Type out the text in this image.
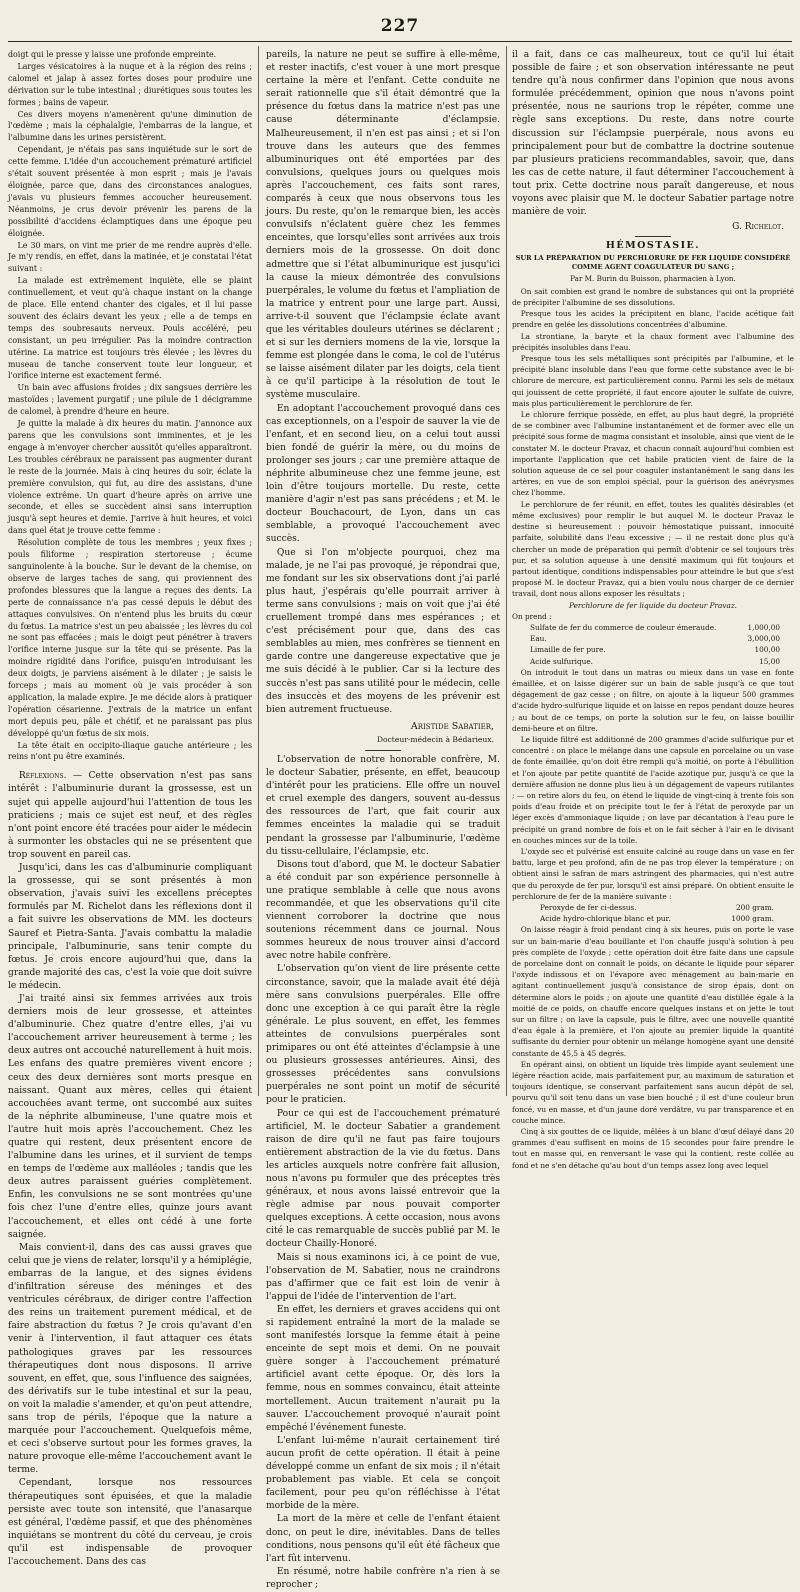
227

doigt qui le presse y laisse une profonde empreinte.

Larges vésicatoires à la nuque et à la région des reins ; calomel et jalap à assez fortes doses pour produire une dérivation sur le tube intestinal ; diurétiques sous toutes les formes ; bains de vapeur.

Ces divers moyens n'amenèrent qu'une diminution de l'œdème ; mais la céphalalgie, l'embarras de la langue, et l'albumine dans les urines persistèrent.

Cependant, je n'étais pas sans inquiétude sur le sort de cette femme. L'idée d'un accouchement prématuré artificiel s'était souvent présentée à mon esprit ; mais je l'avais éloignée, parce que, dans des circonstances analogues, j'avais vu plusieurs femmes accoucher heureusement. Néanmoins, je crus devoir prévenir les parens de la possibilité d'accidens éclamptiques dans une époque peu éloignée.

Le 30 mars, on vint me prier de me rendre auprès d'elle. Je m'y rendis, en effet, dans la matinée, et je constatai l'état suivant :

La malade est extrêmement inquiète, elle se plaint continuellement, et veut qu'à chaque instant on la change de place. Elle entend chanter des cigales, et il lui passe souvent des éclairs devant les yeux ; elle a de temps en temps des soubresauts nerveux. Pouls accéléré, peu consistant, un peu irrégulier. Pas la moindre contraction utérine. La matrice est toujours très élevée ; les lèvres du museau de tanche conservent toute leur longueur, et l'orifice interne est exactement fermé.

Un bain avec affusions froides ; dix sangsues derrière les mastoïdes ; lavement purgatif ; une pilule de 1 décigramme de calomel, à prendre d'heure en heure.

Je quitte la malade à dix heures du matin. J'annonce aux parens que les convulsions sont imminentes, et je les engage à m'envoyer chercher aussitôt qu'elles apparaîtront. Les troubles cérébraux ne paraissent pas augmenter durant le reste de la journée. Mais à cinq heures du soir, éclate la première convulsion, qui fut, au dire des assistans, d'une violence extrême. Un quart d'heure après on arrive une seconde, et elles se succèdent ainsi sans interruption jusqu'à sept heures et demie. J'arrive à huit heures, et voici dans quel état je trouve cette femme :

Résolution complète de tous les membres ; yeux fixes ; pouls filiforme ; respiration stertoreuse ; écume sanguinolente à la bouche. Sur le devant de la chemise, on observe de larges taches de sang, qui proviennent des profondes blessures que la langue a reçues des dents. La perte de connaissance n'a pas cessé depuis le début des attaques convulsives. On n'entend plus les bruits du cœur du fœtus. La matrice s'est un peu abaissée ; les lèvres du col ne sont pas effacées ; mais le doigt peut pénétrer à travers l'orifice interne jusque sur la tête qui se présente. Pas la moindre rigidité dans l'orifice, puisqu'en introduisant les deux doigts, je parviens aisément à le dilater ; je saisis le forceps ; mais au moment où je vais procéder à son application, la malade expire. Je me décide alors à pratiquer l'opération césarienne. J'extrais de la matrice un enfant mort depuis peu, pâle et chétif, et ne paraissant pas plus développé qu'un fœtus de six mois.

La tête était en occipito-iliaque gauche antérieure ; les reins n'ont pu être examinés.

Réflexions. — Cette observation n'est pas sans intérêt : l'albuminurie durant la grossesse, est un sujet qui appelle aujourd'hui l'attention de tous les praticiens ; mais ce sujet est neuf, et des règles n'ont point encore été tracées pour aider le médecin à surmonter les obstacles qui ne se présentent que trop souvent en pareil cas.

Jusqu'ici, dans les cas d'albuminurie compliquant la grossesse, qui se sont présentés à mon observation, j'avais suivi les excellens préceptes formulés par M. Richelot dans les réflexions dont il a fait suivre les observations de MM. les docteurs Sauref et Pietra-Santa. J'avais combattu la maladie principale, l'albuminurie, sans tenir compte du fœtus. Je crois encore aujourd'hui que, dans la grande majorité des cas, c'est la voie que doit suivre le médecin.

J'ai traité ainsi six femmes arrivées aux trois derniers mois de leur grossesse, et atteintes d'albuminurie. Chez quatre d'entre elles, j'ai vu l'accouchement arriver heureusement à terme ; les deux autres ont accouché naturellement à huit mois. Les enfans des quatre premières vivent encore ; ceux des deux dernières sont morts presque en naissant. Quant aux mères, celles qui étaient accouchées avant terme, ont succombé aux suites de la néphrite albumineuse, l'une quatre mois et l'autre huit mois après l'accouchement. Chez les quatre qui restent, deux présentent encore de l'albumine dans les urines, et il survient de temps en temps de l'œdème aux malléoles ; tandis que les deux autres paraissent guéries complètement. Enfin, les convulsions ne se sont montrées qu'une fois chez l'une d'entre elles, quinze jours avant l'accouchement, et elles ont cédé à une forte saignée.

Mais convient-il, dans des cas aussi graves que celui que je viens de relater, lorsqu'il y a hémiplégie, embarras de la langue, et des signes évidens d'infiltration séreuse des méninges et des ventricules cérébraux, de diriger contre l'affection des reins un traitement purement médical, et de faire abstraction du fœtus ? Je crois qu'avant d'en venir à l'intervention, il faut attaquer ces états pathologiques graves par les ressources thérapeutiques dont nous disposons. Il arrive souvent, en effet, que, sous l'influence des saignées, des dérivatifs sur le tube intestinal et sur la peau, on voit la maladie s'amender, et qu'on peut attendre, sans trop de périls, l'époque que la nature a marquée pour l'accouchement. Quelquefois même, et ceci s'observe surtout pour les formes graves, la nature provoque elle-même l'accouchement avant le terme.

Cependant, lorsque nos ressources thérapeutiques sont épuisées, et que la maladie persiste avec toute son intensité, que l'anasarque est général, l'œdème passif, et que des phénomènes inquiétans se montrent du côté du cerveau, je crois qu'il est indispensable de provoquer l'accouchement. Dans des cas

pareils, la nature ne peut se suffire à elle-même, et rester inactifs, c'est vouer à une mort presque certaine la mère et l'enfant. Cette conduite ne serait rationnelle que s'il était démontré que la présence du fœtus dans la matrice n'est pas une cause déterminante d'éclampsie. Malheureusement, il n'en est pas ainsi ; et si l'on trouve dans les auteurs que des femmes albuminuriques ont été emportées par des convulsions, quelques jours ou quelques mois après l'accouchement, ces faits sont rares, comparés à ceux que nous observons tous les jours. Du reste, qu'on le remarque bien, les accès convulsifs n'éclatent guère chez les femmes enceintes, que lorsqu'elles sont arrivées aux trois derniers mois de la grossesse. On doit donc admettre que si l'état albuminurique est jusqu'ici la cause la mieux démontrée des convulsions puerpérales, le volume du fœtus et l'ampliation de la matrice y entrent pour une large part. Aussi, arrive-t-il souvent que l'éclampsie éclate avant que les véritables douleurs utérines se déclarent ; et si sur les derniers momens de la vie, lorsque la femme est plongée dans le coma, le col de l'utérus se laisse aisément dilater par les doigts, cela tient à ce qu'il participe à la résolution de tout le système musculaire.

En adoptant l'accouchement provoqué dans ces cas exceptionnels, on a l'espoir de sauver la vie de l'enfant, et en second lieu, on a celui tout aussi bien fondé de guérir la mère, ou du moins de prolonger ses jours ; car une première attaque de néphrite albumineuse chez une femme jeune, est loin d'être toujours mortelle. Du reste, cette manière d'agir n'est pas sans précédens ; et M. le docteur Bouchacourt, de Lyon, dans un cas semblable, a provoqué l'accouchement avec succès.

Que si l'on m'objecte pourquoi, chez ma malade, je ne l'ai pas provoqué, je répondrai que, me fondant sur les six observations dont j'ai parlé plus haut, j'espérais qu'elle pourrait arriver à terme sans convulsions ; mais on voit que j'ai été cruellement trompé dans mes espérances ; et c'est précisément pour que, dans des cas semblables au mien, mes confrères se tiennent en garde contre une dangereuse expectative que je me suis décidé à le publier. Car si la lecture des succès n'est pas sans utilité pour le médecin, celle des insuccès et des moyens de les prévenir est bien autrement fructueuse.

Aristide Sabatier,
Docteur-médecin à Bédarieux.

L'observation de notre honorable confrère, M. le docteur Sabatier, présente, en effet, beaucoup d'intérêt pour les praticiens. Elle offre un nouvel et cruel exemple des dangers, souvent au-dessus des ressources de l'art, que fait courir aux femmes enceintes la maladie qui se traduit pendant la grossesse par l'albuminurie, l'œdème du tissu-cellulaire, l'éclampsie, etc.

Disons tout d'abord, que M. le docteur Sabatier a été conduit par son expérience personnelle à une pratique semblable à celle que nous avons recommandée, et que les observations qu'il cite viennent corroborer la doctrine que nous soutenions récemment dans ce journal. Nous sommes heureux de nous trouver ainsi d'accord avec notre habile confrère.

L'observation qu'on vient de lire présente cette circonstance, savoir, que la malade avait été déjà mère sans convulsions puerpérales. Elle offre donc une exception à ce qui paraît être la règle générale. Le plus souvent, en effet, les femmes atteintes de convulsions puerpérales sont primipares ou ont été atteintes d'éclampsie à une ou plusieurs grossesses antérieures. Ainsi, des grossesses précédentes sans convulsions puerpérales ne sont point un motif de sécurité pour le praticien.

Pour ce qui est de l'accouchement prématuré artificiel, M. le docteur Sabatier a grandement raison de dire qu'il ne faut pas faire toujours entièrement abstraction de la vie du fœtus. Dans les articles auxquels notre confrère fait allusion, nous n'avons pu formuler que des préceptes très généraux, et nous avons laissé entrevoir que la règle admise par nous pouvait comporter quelques exceptions. À cette occasion, nous avons cité le cas remarquable de succès publié par M. le docteur Chailly-Honoré.

Mais si nous examinons ici, à ce point de vue, l'observation de M. Sabatier, nous ne craindrons pas d'affirmer que ce fait est loin de venir à l'appui de l'idée de l'intervention de l'art.

En effet, les derniers et graves accidens qui ont si rapidement entraîné la mort de la malade se sont manifestés lorsque la femme était à peine enceinte de sept mois et demi. On ne pouvait guère songer à l'accouchement prématuré artificiel avant cette époque. Or, dès lors la femme, nous en sommes convaincu, était atteinte mortellement. Aucun traitement n'aurait pu la sauver. L'accouchement provoqué n'aurait point empêché l'événement funeste.

L'enfant lui-même n'aurait certainement tiré aucun profit de cette opération. Il était à peine développé comme un enfant de six mois ; il n'était probablement pas viable. Et cela se conçoit facilement, pour peu qu'on réfléchisse à l'état morbide de la mère.

La mort de la mère et celle de l'enfant étaient donc, on peut le dire, inévitables. Dans de telles conditions, nous pensons qu'il eût été fâcheux que l'art fût intervenu.

En résumé, notre habile confrère n'a rien à se reprocher ;

il a fait, dans ce cas malheureux, tout ce qu'il lui était possible de faire ; et son observation intéressante ne peut tendre qu'à nous confirmer dans l'opinion que nous avons formulée précédemment, opinion que nous n'avons point présentée, nous ne saurions trop le répéter, comme une règle sans exceptions. Du reste, dans notre courte discussion sur l'éclampsie puerpérale, nous avons eu principalement pour but de combattre la doctrine soutenue par plusieurs praticiens recommandables, savoir, que, dans les cas de cette nature, il faut déterminer l'accouchement à tout prix. Cette doctrine nous paraît dangereuse, et nous voyons avec plaisir que M. le docteur Sabatier partage notre manière de voir.

G. Richelot.

HÉMOSTASIE.

SUR LA PRÉPARATION DU PERCHLORURE DE FER LIQUIDE CONSIDÉRÉ COMME AGENT COAGULATEUR DU SANG ;

Par M. Burin du Buisson, pharmacien à Lyon.

On sait combien est grand le nombre de substances qui ont la propriété de précipiter l'albumine de ses dissolutions.

Presque tous les acides la précipitent en blanc, l'acide acétique fait prendre en gelée les dissolutions concentrées d'albumine.

La strontiane, la baryte et la chaux forment avec l'albumine des précipités insolubles dans l'eau.

Presque tous les sels métalliques sont précipités par l'albumine, et le précipité blanc insoluble dans l'eau que forme cette substance avec le bi-chlorure de mercure, est particulièrement connu. Parmi les sels de métaux qui jouissent de cette propriété, il faut encore ajouter le sulfate de cuivre, mais plus particulièrement le perchlorure de fer.

Le chlorure ferrique possède, en effet, au plus haut degré, la propriété de se combiner avec l'albumine instantanément et de former avec elle un précipité sous forme de magma consistant et insoluble, ainsi que vient de le constater M. le docteur Pravaz, et chacun connaît aujourd'hui combien est importante l'application que cet habile praticien vient de faire de la solution aqueuse de ce sel pour coaguler instantanément le sang dans les artères, en vue de son emploi spécial, pour la guérison des anévrysmes chez l'homme.

Le perchlorure de fer réunit, en effet, toutes les qualités désirables (et même exclusives) pour remplir le but auquel M. le docteur Pravaz le destine si heureusement : pouvoir hémostatique puissant, innocuité parfaite, solubilité dans l'eau excessive ; — il ne restait donc plus qu'à chercher un mode de préparation qui permît d'obtenir ce sel toujours très pur, et sa solution aqueuse à une densité maximum qui fût toujours et partout identique, conditions indispensables pour atteindre le but que s'est proposé M. le docteur Pravaz, qui a bien voulu nous charger de ce dernier travail, dont nous allons exposer les résultats ;

Perchlorure de fer liquide du docteur Pravaz.

On prend :

Sulfate de fer du commerce de couleur émeraude.	1,000,00
Eau.	3,000,00
Limaille de fer pure.	100,00
Acide sulfurique.	15,00

On introduit le tout dans un matras ou mieux dans un vase en fonte émaillée, et on laisse digérer sur un bain de sable jusqu'à ce que tout dégagement de gaz cesse ; on filtre, on ajoute à la liqueur 500 grammes d'acide hydro-sulfurique liquide et on laisse en repos pendant douze heures ; au bout de ce temps, on porte la solution sur le feu, on laisse bouillir demi-heure et on filtre.

Le liquide filtré est additionné de 200 grammes d'acide sulfurique pur et concentré : on place le mélange dans une capsule en porcelaine ou un vase de fonte émaillée, qu'on doit être rempli qu'à moitié, on porte à l'ébullition et l'on ajoute par petite quantité de l'acide azotique pur, jusqu'à ce que la dernière affusion ne donne plus lieu à un dégagement de vapeurs rutilantes ; — on retire alors du feu, on étend le liquide de vingt-cinq à trente fois son poids d'eau froide et on précipite tout le fer à l'état de peroxyde par un léger excès d'ammoniaque liquide ; on lave par décantation à l'eau pure le précipité un grand nombre de fois et on le fait sécher à l'air en le divisant en couches minces sur de la toile.

L'oxyde sec et pulvérisé est ensuite calciné au rouge dans un vase en fer battu, large et peu profond, afin de ne pas trop élever la température ; on obtient ainsi le safran de mars astringent des pharmacies, qui n'est autre que du peroxyde de fer pur, lorsqu'il est ainsi préparé. On obtient ensuite le perchlorure de fer de la manière suivante :

Peroxyde de fer ci-dessus.	200 gram.
Acide hydro-chlorique blanc et pur.	1000 gram.

On laisse réagir à froid pendant cinq à six heures, puis on porte le vase sur un bain-marie d'eau bouillante et l'on chauffe jusqu'à solution à peu près complète de l'oxyde ; cette opération doit être faite dans une capsule de porcelaine dont on connaît le poids, on décante le liquide pour séparer l'oxyde indissous et on l'évapore avec ménagement au bain-marie en agitant continuellement jusqu'à consistance de sirop épais, dont on détermine alors le poids ; on ajoute une quantité d'eau distillée égale à la moitié de ce poids, on chauffe encore quelques instans et on jette le tout sur un filtre ; on lave la capsule, puis le filtre, avec une nouvelle quantité d'eau égale à la première, et l'on ajoute au premier liquide la quantité suffisante du dernier pour obtenir un mélange homogène ayant une densité constante de 45,5 à 45 degrés.

En opérant ainsi, on obtient un liquide très limpide ayant seulement une légère réaction acide, mais parfaitement pur, au maximum de saturation et toujours identique, se conservant parfaitement sans aucun dépôt de sel, pourvu qu'il soit tenu dans un vase bien bouché ; il est d'une couleur brun foncé, vu en masse, et d'un jaune doré verdâtre, vu par transparence et en couche mince.

Cinq à six gouttes de ce liquide, mêlées à un blanc d'œuf délayé dans 20 grammes d'eau suffisent en moins de 15 secondes pour faire prendre le tout en masse qui, en renversant le vase qui la contient, reste collée au fond et ne s'en détache qu'au bout d'un temps assez long avec lequel
